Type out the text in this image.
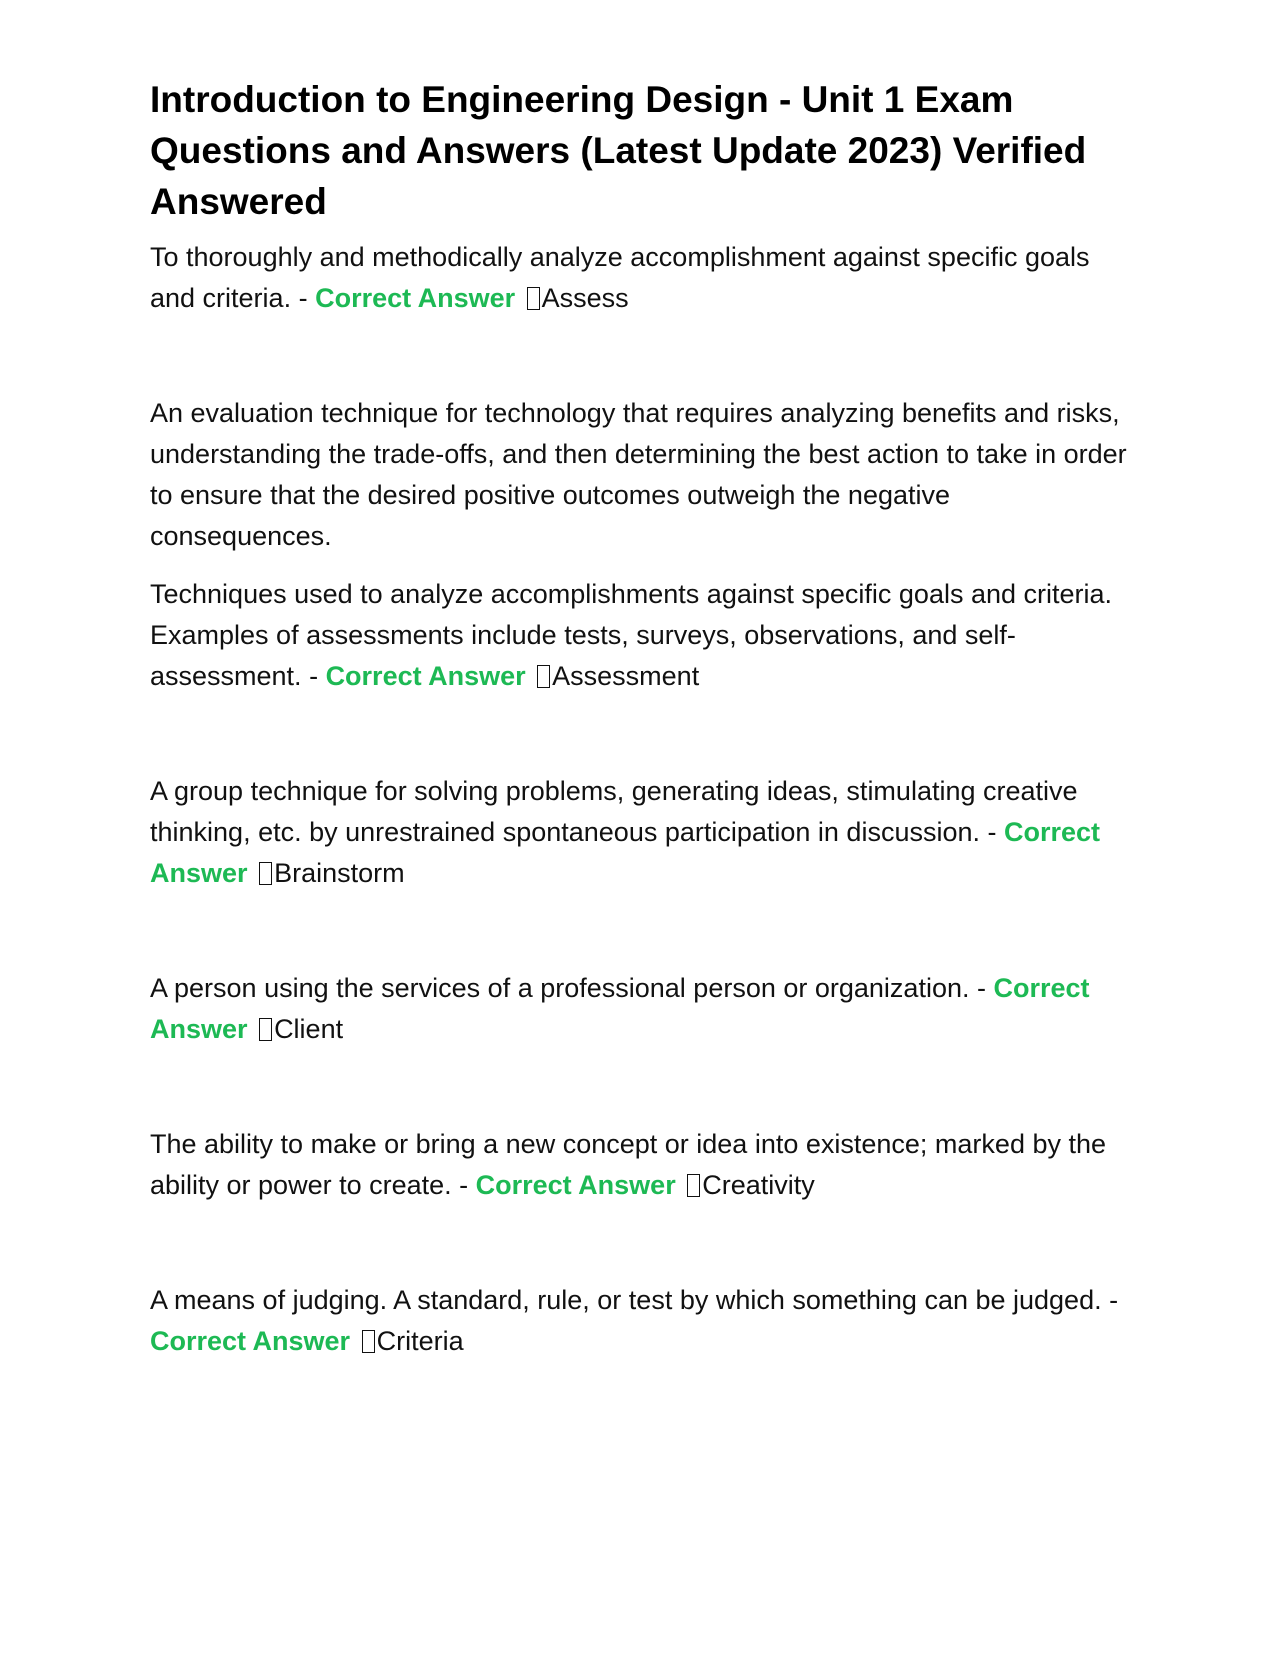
Introduction to Engineering Design - Unit 1 Exam Questions and Answers (Latest Update 2023) Verified Answered

To thoroughly and methodically analyze accomplishment against specific goals and criteria. - Correct Answer Assess

An evaluation technique for technology that requires analyzing benefits and risks, understanding the trade-offs, and then determining the best action to take in order to ensure that the desired positive outcomes outweigh the negative consequences.

Techniques used to analyze accomplishments against specific goals and criteria. Examples of assessments include tests, surveys, observations, and self-assessment. - Correct Answer Assessment

A group technique for solving problems, generating ideas, stimulating creative thinking, etc. by unrestrained spontaneous participation in discussion. - Correct Answer Brainstorm

A person using the services of a professional person or organization. - Correct Answer Client

The ability to make or bring a new concept or idea into existence; marked by the ability or power to create. - Correct Answer Creativity

A means of judging. A standard, rule, or test by which something can be judged. - Correct Answer Criteria
